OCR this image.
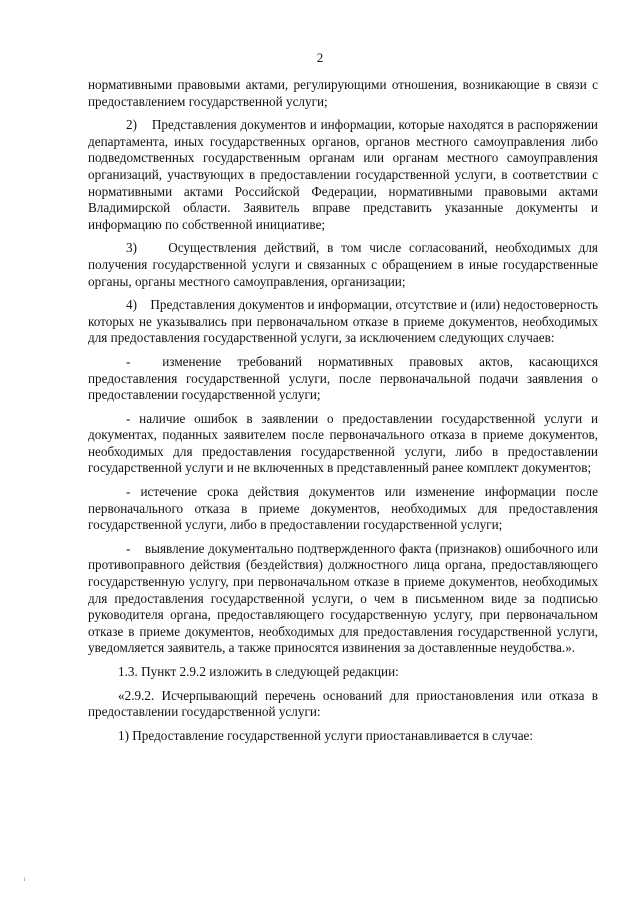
2

нормативными правовыми актами, регулирующими отношения, возникающие в связи с предоставлением государственной услуги;

2)    Представления документов и информации, которые находятся в распоряжении департамента, иных государственных органов, органов местного самоуправления либо подведомственных государственным органам или органам местного самоуправления организаций, участвующих в предоставлении государственной услуги, в соответствии с нормативными актами Российской Федерации, нормативными правовыми актами Владимирской области. Заявитель вправе представить указанные документы и информацию по собственной инициативе;

3)    Осуществления действий, в том числе согласований, необходимых для получения государственной услуги и связанных с обращением в иные государственные органы, органы местного самоуправления, организации;

4)    Представления документов и информации, отсутствие и (или) недостоверность которых не указывались при первоначальном отказе в приеме документов, необходимых для предоставления государственной услуги, за исключением следующих случаев:

-  изменение требований нормативных правовых актов, касающихся предоставления государственной услуги, после первоначальной подачи заявления о предоставлении государственной услуги;

- наличие ошибок в заявлении о предоставлении государственной услуги и документах, поданных заявителем после первоначального отказа в приеме документов, необходимых для предоставления государственной услуги, либо в предоставлении государственной услуги и не включенных в представленный ранее комплект документов;

- истечение срока действия документов или изменение информации после первоначального отказа в приеме документов, необходимых для предоставления государственной услуги, либо в предоставлении государственной услуги;

-    выявление документально подтвержденного факта (признаков) ошибочного или противоправного действия (бездействия) должностного лица органа, предоставляющего государственную услугу, при первоначальном отказе в приеме документов, необходимых для предоставления государственной услуги, о чем в письменном виде за подписью руководителя органа, предоставляющего государственную услугу, при первоначальном отказе в приеме документов, необходимых для предоставления государственной услуги, уведомляется заявитель, а также приносятся извинения за доставленные неудобства.».

1.3. Пункт 2.9.2 изложить в следующей редакции:

«2.9.2. Исчерпывающий перечень оснований для приостановления или отказа в предоставлении государственной услуги:

1) Предоставление государственной услуги приостанавливается в случае:

ᵢ
